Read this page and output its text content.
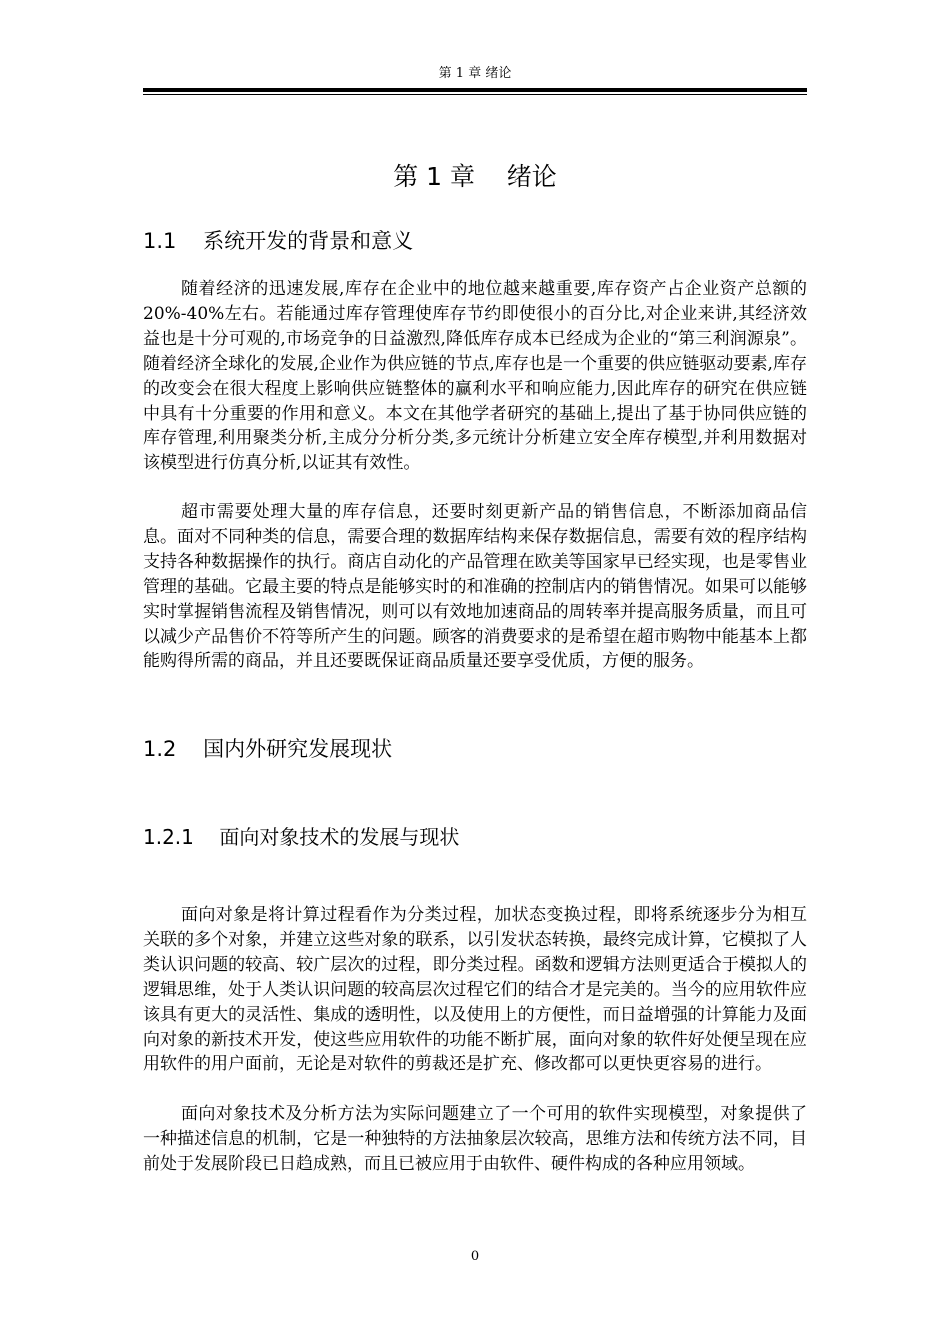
第 1 章 绪论
第 1 章    绪论
1.1    系统开发的背景和意义

随着经济的迅速发展,库存在企业中的地位越来越重要,库存资产占企业资产总额的 20%-40%左右。若能通过库存管理使库存节约即使很小的百分比,对企业来讲,其经济效益也是十分可观的,市场竞争的日益激烈,降低库存成本已经成为企业的“第三利润源泉”。随着经济全球化的发展,企业作为供应链的节点,库存也是一个重要的供应链驱动要素,库存的改变会在很大程度上影响供应链整体的赢利水平和响应能力,因此库存的研究在供应链中具有十分重要的作用和意义。本文在其他学者研究的基础上,提出了基于协同供应链的库存管理,利用聚类分析,主成分分析分类,多元统计分析建立安全库存模型,并利用数据对该模型进行仿真分析,以证其有效性。

超市需要处理大量的库存信息，还要时刻更新产品的销售信息，不断添加商品信息。面对不同种类的信息，需要合理的数据库结构来保存数据信息，需要有效的程序结构支持各种数据操作的执行。商店自动化的产品管理在欧美等国家早已经实现，也是零售业管理的基础。它最主要的特点是能够实时的和准确的控制店内的销售情况。如果可以能够实时掌握销售流程及销售情况，则可以有效地加速商品的周转率并提高服务质量，而且可以减少产品售价不符等所产生的问题。顾客的消费要求的是希望在超市购物中能基本上都能购得所需的商品，并且还要既保证商品质量还要享受优质，方便的服务。

1.2    国内外研究发展现状
1.2.1    面向对象技术的发展与现状

面向对象是将计算过程看作为分类过程，加状态变换过程，即将系统逐步分为相互关联的多个对象，并建立这些对象的联系，以引发状态转换，最终完成计算，它模拟了人类认识问题的较高、较广层次的过程，即分类过程。函数和逻辑方法则更适合于模拟人的逻辑思维，处于人类认识问题的较高层次过程它们的结合才是完美的。当今的应用软件应该具有更大的灵活性、集成的透明性，以及使用上的方便性，而日益增强的计算能力及面向对象的新技术开发，使这些应用软件的功能不断扩展，面向对象的软件好处便呈现在应用软件的用户面前，无论是对软件的剪裁还是扩充、修改都可以更快更容易的进行。

面向对象技术及分析方法为实际问题建立了一个可用的软件实现模型，对象提供了一种描述信息的机制，它是一种独特的方法抽象层次较高，思维方法和传统方法不同，目前处于发展阶段已日趋成熟，而且已被应用于由软件、硬件构成的各种应用领域。

0
